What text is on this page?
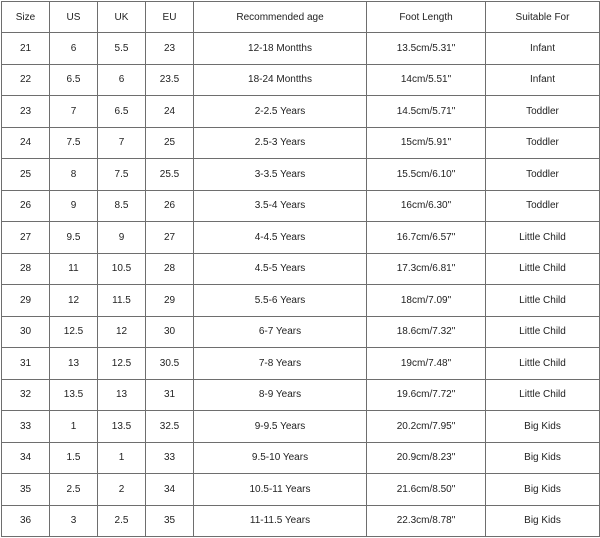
Size	US	UK	EU	Recommended age	Foot Length	Suitable For
21	6	5.5	23	12-18 Montths	13.5cm/5.31"	Infant
22	6.5	6	23.5	18-24 Montths	14cm/5.51"	Infant
23	7	6.5	24	2-2.5 Years	14.5cm/5.71"	Toddler
24	7.5	7	25	2.5-3 Years	15cm/5.91"	Toddler
25	8	7.5	25.5	3-3.5 Years	15.5cm/6.10"	Toddler
26	9	8.5	26	3.5-4 Years	16cm/6.30"	Toddler
27	9.5	9	27	4-4.5 Years	16.7cm/6.57"	Little Child
28	11	10.5	28	4.5-5 Years	17.3cm/6.81"	Little Child
29	12	11.5	29	5.5-6 Years	18cm/7.09"	Little Child
30	12.5	12	30	6-7 Years	18.6cm/7.32"	Little Child
31	13	12.5	30.5	7-8 Years	19cm/7.48"	Little Child
32	13.5	13	31	8-9 Years	19.6cm/7.72"	Little Child
33	1	13.5	32.5	9-9.5 Years	20.2cm/7.95"	Big Kids
34	1.5	1	33	9.5-10 Years	20.9cm/8.23"	Big Kids
35	2.5	2	34	10.5-11 Years	21.6cm/8.50"	Big Kids
36	3	2.5	35	11-11.5 Years	22.3cm/8.78"	Big Kids
